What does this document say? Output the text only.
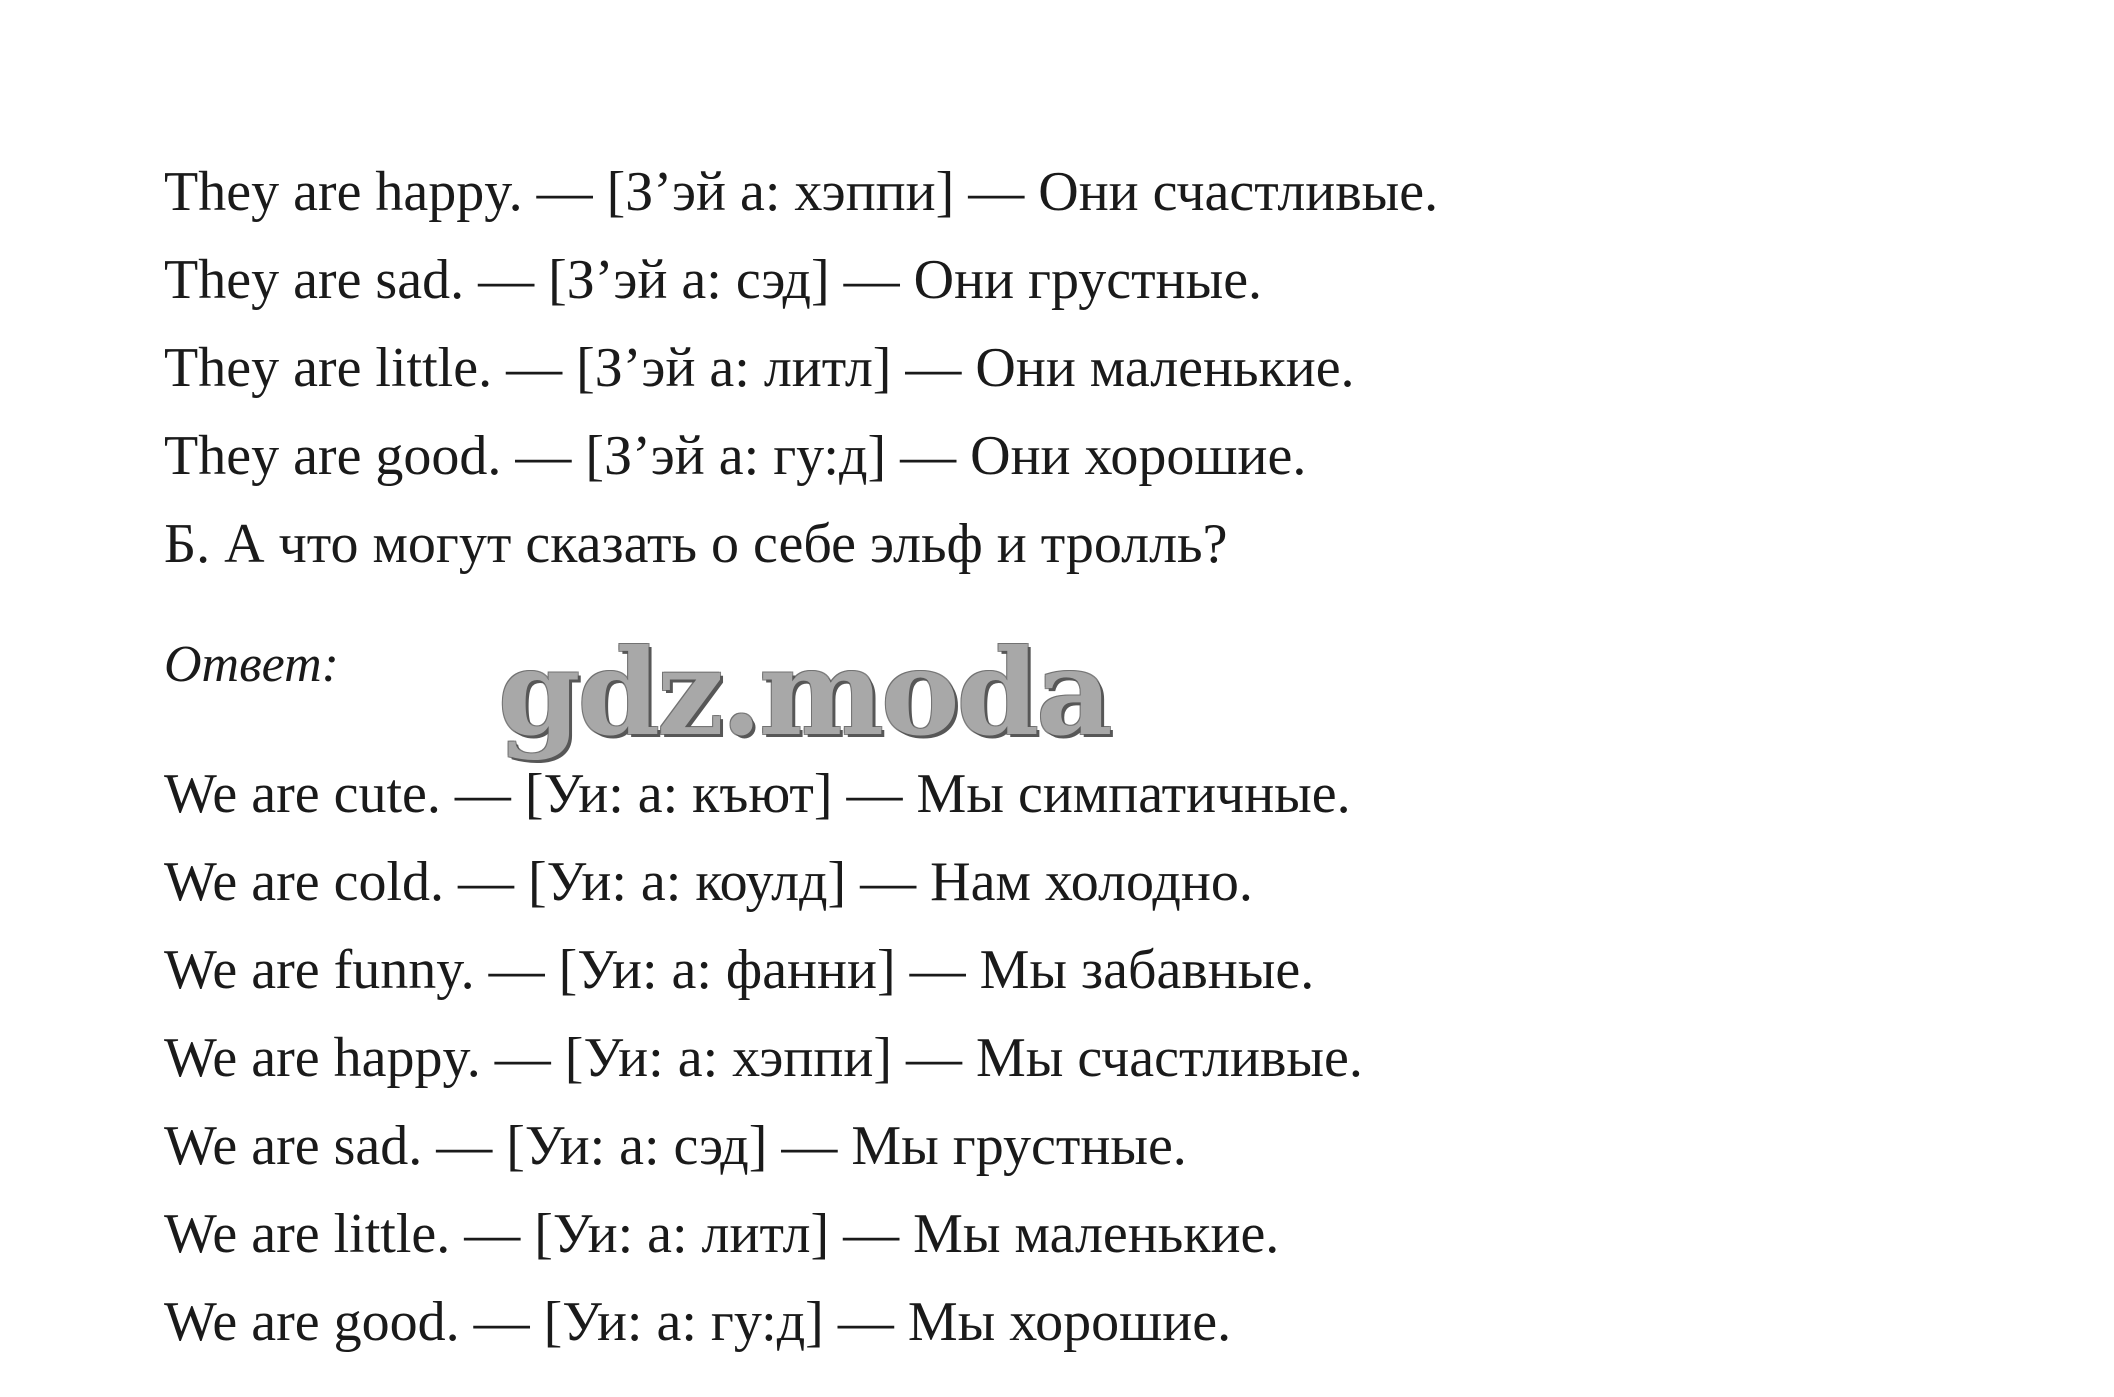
They are happy. — [З’эй а: хэппи] — Они счастливые.
They are sad. — [З’эй а: сэд] — Они грустные.
They are little. — [З’эй а: литл] — Они маленькие.
They are good. — [З’эй а: гу:д] — Они хорошие.
Б. А что могут сказать о себе эльф и тролль?
Ответ: gdz.moda
We are cute. — [Уи: а: къют] — Мы симпатичные.
We are cold. — [Уи: а: коулд] — Нам холодно.
We are funny. — [Уи: а: фанни] — Мы забавные.
We are happy. — [Уи: а: хэппи] — Мы счастливые.
We are sad. — [Уи: а: сэд] — Мы грустные.
We are little. — [Уи: а: литл] — Мы маленькие.
We are good. — [Уи: а: гу:д] — Мы хорошие.
